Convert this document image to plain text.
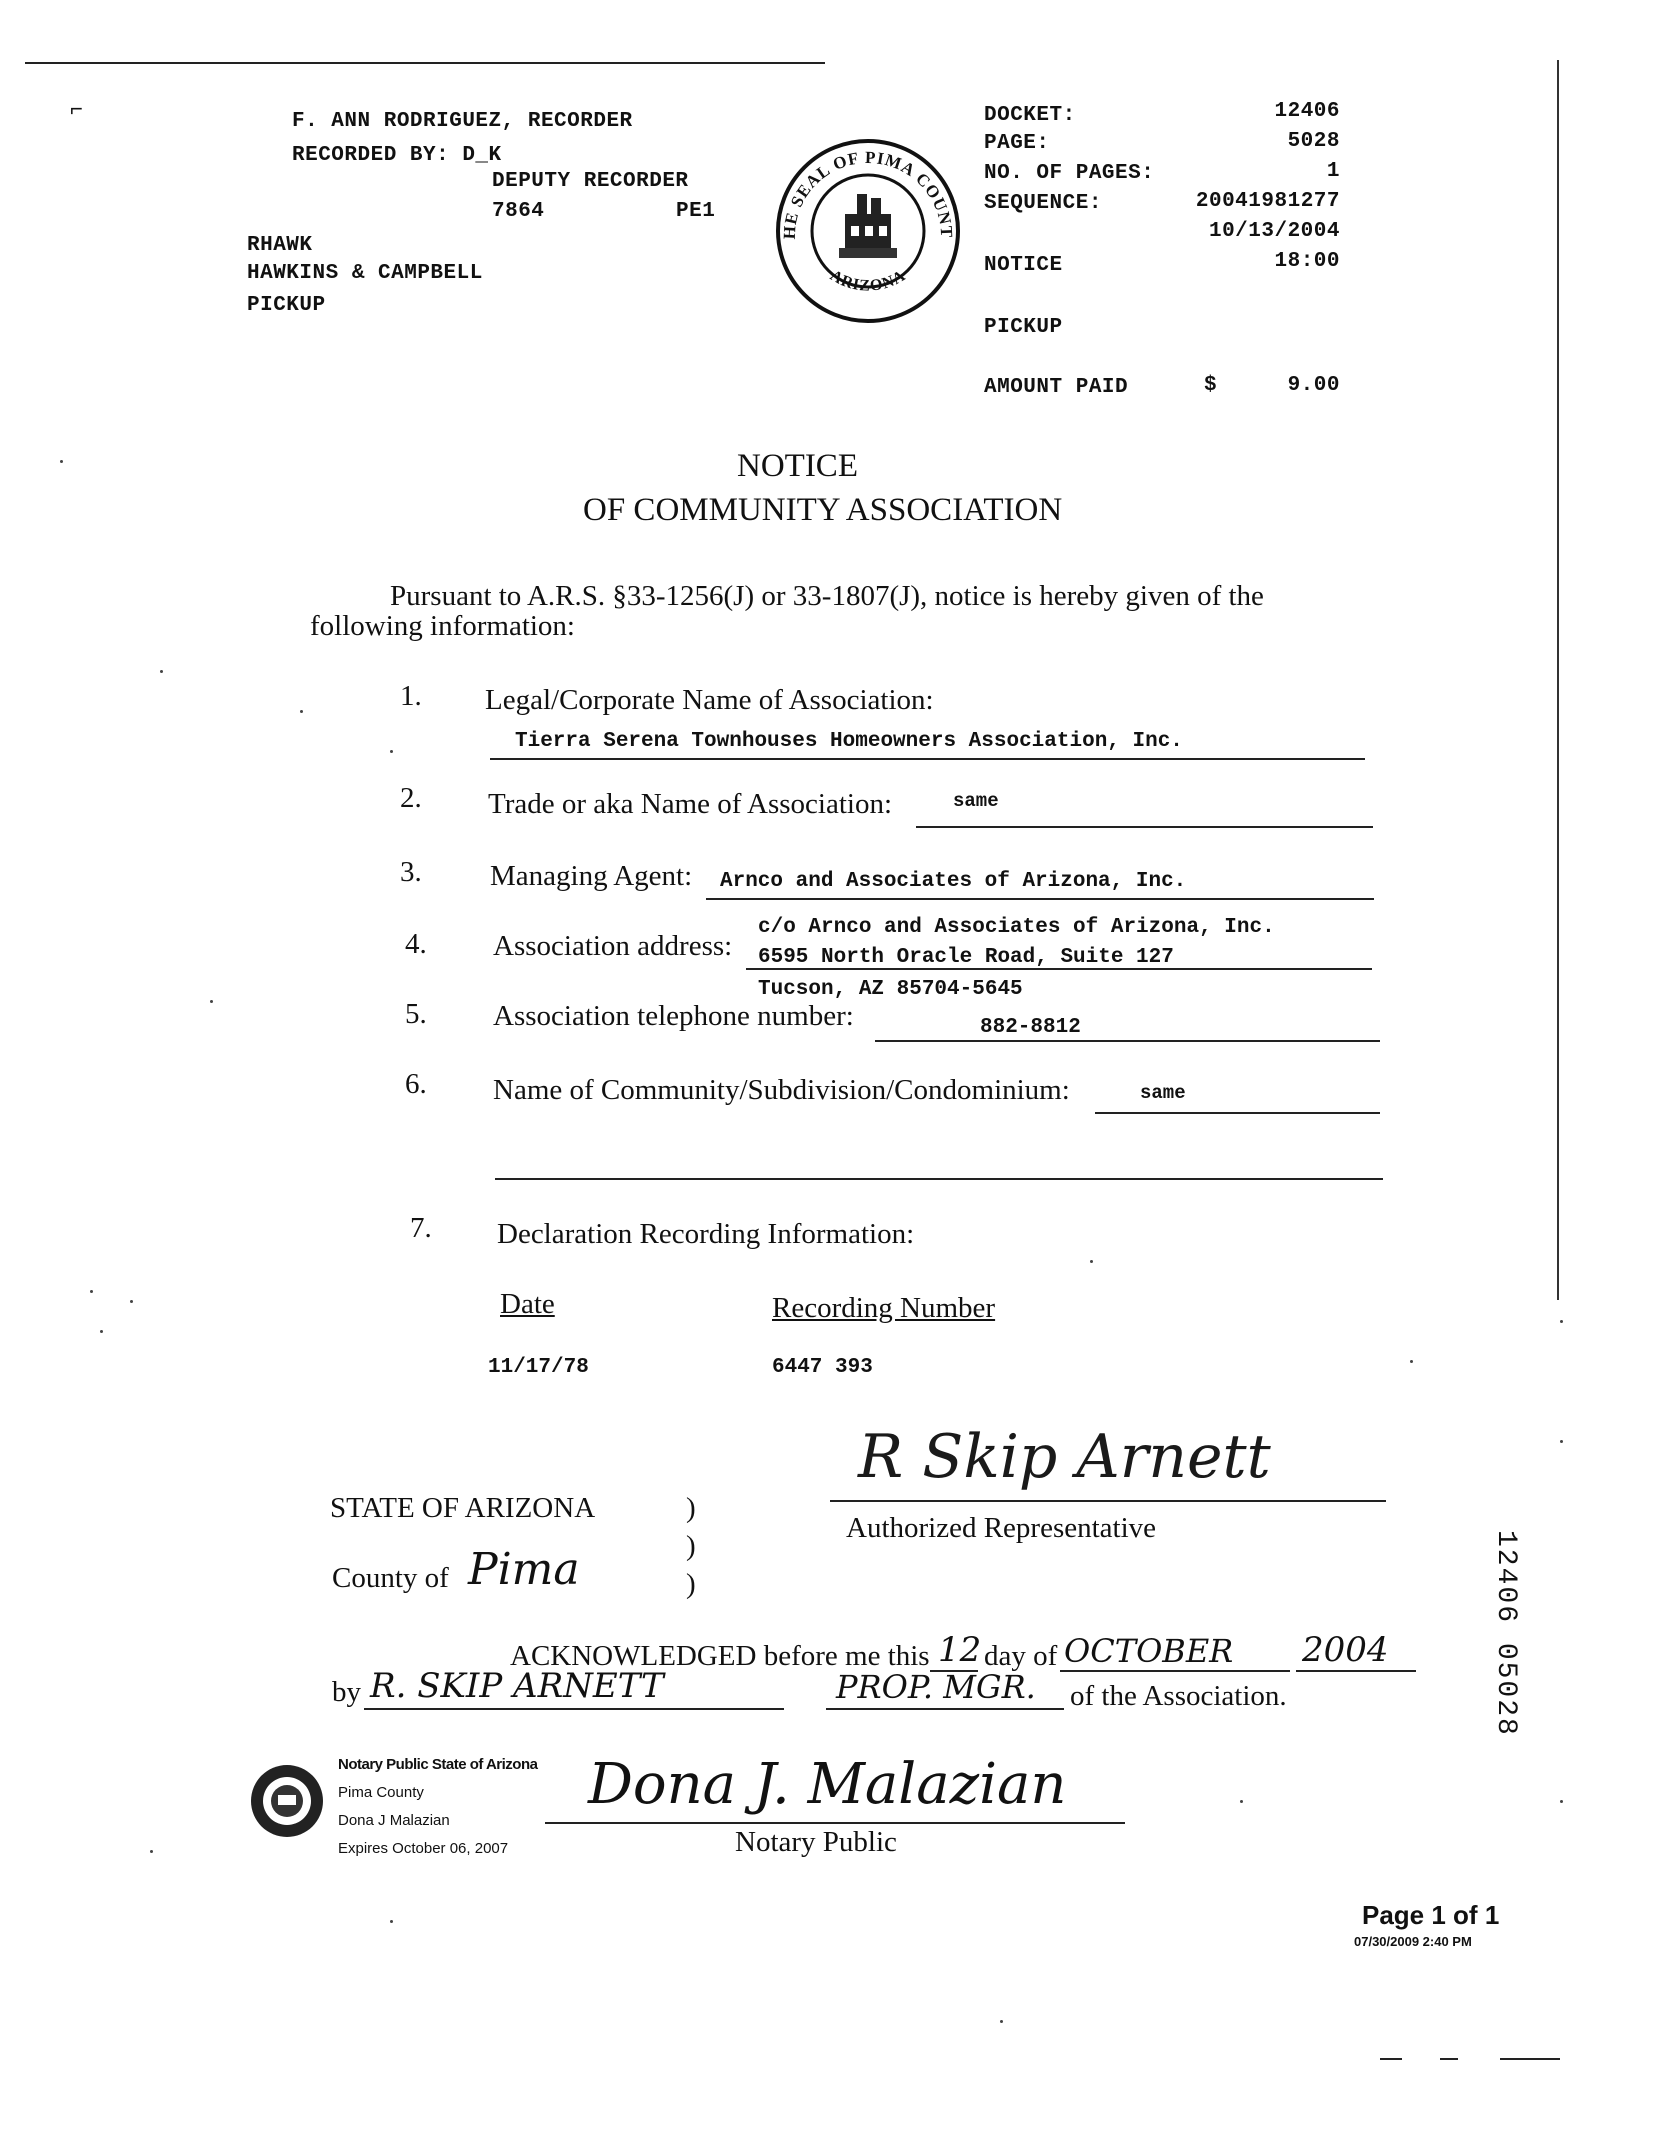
⌐
F. ANN RODRIGUEZ, RECORDER
RECORDED BY: D_K
DEPUTY RECORDER
7864	PE1
RHAWK
HAWKINS & CAMPBELL
PICKUP
HE SEAL OF PIMA COUNT
ARIZONA
DOCKET:	12406
PAGE:	5028
NO. OF PAGES:	1
SEQUENCE:	20041981277
10/13/2004
NOTICE	18:00
PICKUP
AMOUNT PAID	$	9.00
NOTICE
OF COMMUNITY ASSOCIATION
Pursuant to A.R.S. §33-1256(J) or 33-1807(J), notice is hereby given of the
following information:
1. Legal/Corporate Name of Association:
Tierra Serena Townhouses Homeowners Association, Inc.
2. Trade or aka Name of Association:	same
3. Managing Agent: Arnco and Associates of Arizona, Inc.
4. Association address:
c/o Arnco and Associates of Arizona, Inc.
6595 North Oracle Road, Suite 127
Tucson, AZ 85704-5645
5. Association telephone number:	882-8812
6. Name of Community/Subdivision/Condominium:	same
7. Declaration Recording Information:
Date	Recording Number
11/17/78	6447 393
R Skip Arnett
Authorized Representative
STATE OF ARIZONA
County of Pima
)
)
)
ACKNOWLEDGED before me this 12 day of OCTOBER 2004
by R. SKIP ARNETT	PROP. MGR. of the Association.
Notary Public State of Arizona
Pima County
Dona J Malazian
Expires October 06, 2007
Dona J. Malazian
Notary Public
12406 05028
Page 1 of 1
07/30/2009 2:40 PM
